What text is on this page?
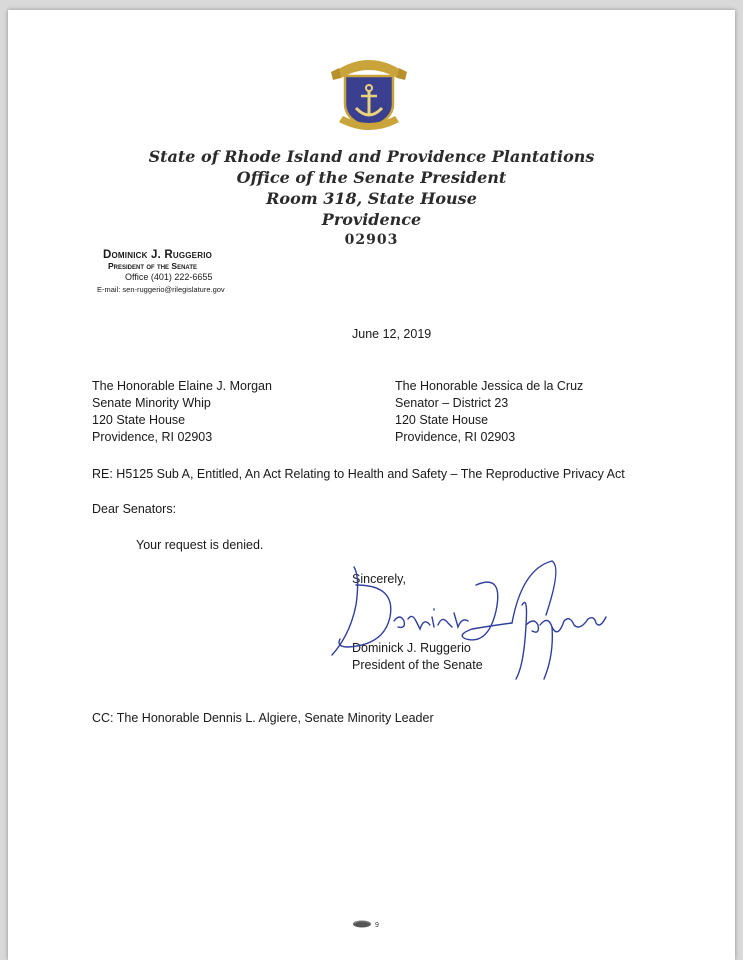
State of Rhode Island and Providence Plantations
Office of the Senate President
Room 318, State House
Providence
02903
Dominick J. Ruggerio
President of the Senate
Office (401) 222-6655
E-mail: sen-ruggerio@rilegislature.gov
June 12, 2019
The Honorable Elaine J. Morgan
Senate Minority Whip
120 State House
Providence, RI 02903
The Honorable Jessica de la Cruz
Senator – District 23
120 State House
Providence, RI 02903
RE: H5125 Sub A, Entitled, An Act Relating to Health and Safety – The Reproductive Privacy Act
Dear Senators:
Your request is denied.
Sincerely,
Dominick J. Ruggerio
President of the Senate
CC: The Honorable Dennis L. Algiere, Senate Minority Leader
9
